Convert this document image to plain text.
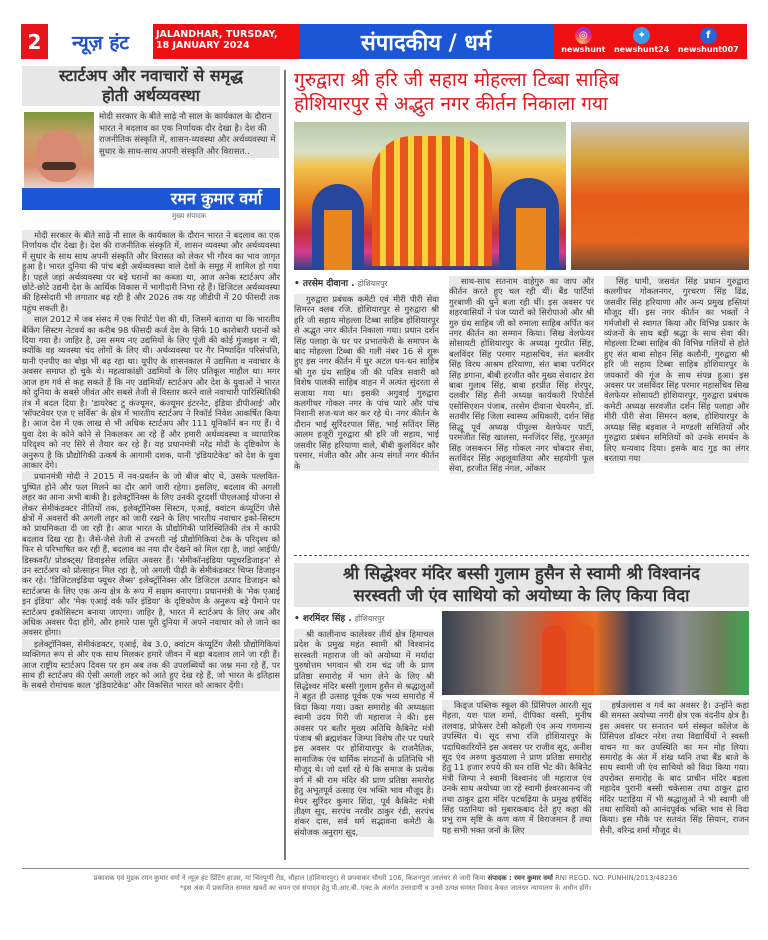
2	न्यूज़ हंट	JALANDHAR, TURSDAY,
18 JANUARY 2024	संपादकीय / धर्म	◎
newshunt
✦
newshunt24
f
newshunt007
स्टार्टअप और नवाचारों से समृद्ध
होती अर्थव्यवस्था
मोदी सरकार के बीते साढ़े नौ साल के कार्यकाल के दौरान भारत ने बदलाव का एक निर्णायक दौर देखा है। देश की राजनीतिक संस्कृति में, शासन-व्यवस्था और अर्थव्यवस्था में सुधार के साथ-साथ अपनी संस्कृति और विरासत..
रमन कुमार वर्मा
मुख्य संपादक

मोदी सरकार के बीते साढ़े नौ साल के कार्यकाल के दौरान भारत ने बदलाव का एक निर्णायक दौर देखा है। देश की राजनीतिक संस्कृति में, शासन व्यवस्था और अर्थव्यवस्था में सुधार के साथ साथ अपनी संस्कृति और विरासत को लेकर भी गौरव का भाव जागृत हुआ है। भारत दुनिया की पांच बड़ी अर्थव्यवस्था वाले देशों के समूह में शामिल हो गया है। पहले जहां अर्थव्यवस्था पर बड़े घरानों का कब्जा था, आज अनेक स्टार्टअप और छोटे-छोटे उद्यमी देश के आर्थिक विकास में भागीदारी निभा रहे हैं। डिजिटल अर्थव्यवस्था की हिस्सेदारी भी लगातार बढ़ रही है और 2026 तक यह जीडीपी में 20 फीसदी तक पहुंच सकती है।

साल 2012 में जब संसद में एक रिपोर्ट पेश की थी, जिसमें बताया था कि भारतीय बैंकिंग सिस्टम नेटवर्थ का करीब 98 फीसदी कर्ज देश के सिर्फ 10 कारोबारी घरानों को दिया गया है। जाहिर है, उस समय नए उद्यमियों के लिए पूंजी की कोई गुंजाइश न थी, क्योंकि वह व्यवस्था चंद लोगों के लिए थी। अर्थव्यवस्था पर गैर निष्पादित परिसंपत्ति, यानी एनपीए का बोझ भी बढ़ रहा था। यूपीए के शासनकाल में उद्यमिता व नवाचार के अवसर समाप्त हो चुके थे। महत्वाकांक्षी उद्यमियों के लिए प्रतिकूल माहौल था। मगर आज हम गर्व से कह सकते हैं कि नए उद्यमियों/ स्टार्टअप और देश के युवाओं ने भारत को दुनिया के सबसे जीवंत और सबसे तेजी से विस्तार करने वाले नवाचारी पारिस्थितिकी तंत्र में बदल दिया है। 'डायरेक्ट टु कंज्यूमर, कंज्यूमर इंटरनेट, इंडिया डीपीआई' और 'सॉफ्टवेयर एज ए सर्विस' के क्षेत्र में भारतीय स्टार्टअप ने रिकॉर्ड निवेश आकर्षित किया है। आज देश में एक लाख से भी अधिक स्टार्टअप और 111 यूनिकॉर्न बन गए हैं। ये युवा देश के कोने कोने से निकलकर आ रहे हैं और हमारी अर्थव्यवस्था व व्यापारिक परिदृश्य को नए सिरे से तैयार कर रहे हैं। यह प्रधानमंत्री नरेंद्र मोदी के दृष्टिकोण के अनुरूप है कि प्रौद्योगिकी उत्कर्ष के आगामी दशक, यानी 'इंडियाटेकेड' को देश के युवा आकार देंगे।

प्रधानमंत्री मोदी ने 2015 में नव-प्रवर्तन के जो बीज बोए थे, उसके पल्लवित-पुष्पित होने और फल मिलने का दौर आगे जारी रहेगा। इसलिए, बदलाव की अगली लहर का आना अभी बाकी है। इलेक्ट्रॉनिक्स के लिए उनकी दूरदर्शी पीएलआई योजना से लेकर सेमीकंडक्टर नीतियों तक, इलेक्ट्रॉनिक्स सिस्टम, एआई, क्वांटम कंप्यूटिंग जैसे क्षेत्रों में अवसरों की अगली लहर को जारी रखने के लिए भारतीय नवाचार इको-सिस्टम को प्राथमिकता दी जा रही है। आज भारत के प्रौद्योगिकी पारिस्थितिकी तंत्र में काफी बदलाव दिख रहा है। जैसे-जैसे तेजी से उभरती नई प्रौद्योगिकियां टेक के परिदृश्य को फिर से परिभाषित कर रही हैं, बदलाव का नया दौर देखने को मिल रहा है, जहां आईपी/ डिस्कवरी/ प्रोडक्ट्स/ डिवाइसेस लक्षित अवसर हैं। 'सेमीकॉनइंडिया फ्यूचरडिजाइन' से उन स्टार्टअप को प्रोत्साहन मिल रहा है, जो अगली पीढ़ी के सेमीकंडक्टर चिप्स डिजाइन कर रहे। 'डिजिटलइंडिया फ्यूचर लैब्स' इलेक्ट्रॉनिक्स और डिजिटल उत्पाद डिजाइन को स्टार्टअप्स के लिए एक अन्य क्षेत्र के रूप में सक्षम बनाएगा। प्रधानमंत्री के 'मेक एआई इन इंडिया' और 'मेक एआई वर्क फॉर इंडिया' के दृष्टिकोण के अनुरूप बड़े पैमाने पर स्टार्टअप इकोसिस्टम बनाया जाएगा। जाहिर है, भारत में स्टार्टअप के लिए अब और अधिक अवसर पैदा होंगे, और हमारे पास पूरी दुनिया में अपने नवाचार को ले जाने का अवसर होगा।

इलेक्ट्रॉनिक्स, सेमीकंडक्टर, एआई, वेब 3.0, क्वांटम कंप्यूटिंग जैसी प्रौद्योगिकियां व्यक्तिगत रूप से और एक साथ मिलकर हमारे जीवन में बड़ा बदलाव लाने जा रही हैं। आज राष्ट्रीय स्टार्टअप दिवस पर हम अब तक की उपलब्धियों का जश्न मना रहे हैं, पर साथ ही स्टार्टअप की ऐसी अगली लहर को आते हुए देख रहे हैं, जो भारत के इतिहास के सबसे रोमांचक काल 'इंडियाटेकेड' और विकसित भारत को आकार देंगी।

गुरुद्वारा श्री हरि जी सहाय मोहल्ला टिब्बा साहिब
होशियारपुर से अद्भुत नगर कीर्तन निकाला गया
• तरसेम दीवाना . होशियारपुर

गुरुद्वारा प्रबंधक कमेटी एवं मीरी पीरी सेवा सिमरन क्लब रजि. होशियारपुर से गुरुद्वारा श्री हरि जी सहाय मोहल्ला टिब्बा साहिब होशियारपुर से अद्भुत नगर कीर्तन निकाला गया। प्रधान दर्शन सिंह पलाहा के घर पर प्रभातफेरी के समापन के बाद मोहल्ला टिब्बा की गली नंबर 16 से शुरू हुए इस नगर कीर्तन में धुर अटल धन-धन साहिब श्री गुरु ग्रंथ साहिब जी की पवित्र सवारी को विशेष पालकी साहिब वाहन में अत्यंत सुंदरता से सजाया गया था। इसकी अगुवाई गुरुद्वारा कलगीधर गोकल नगर के पांच प्यारे और पांच निशानी सज-धज कर कर रहे थे। नगर कीर्तन के दौरान भाई सुरिंदरपाल सिंह, भाई सतिंदर सिंह आलम हजूरी गुरुद्वारा श्री हरि जी सहाय, भाई जसवीर सिंह हरियाणा वाले, बीबी कुलविंदर कौर परमार, मंजीत कौर और अन्य संगतें नगर कीर्तन के

साथ-साथ सतनाम वाहेगुरु का जाप और कीर्तन करते हुए चल रही थीं। बैंड पार्टियां गुरबाणी की धुनें बजा रही थीं। इस अवसर पर शहरवासियों ने पंज प्यारों को सिरोपाओ और श्री गुरु ग्रंथ साहिब जी को रुमाला साहिब अर्पित कर नगर कीर्तन का सम्मान किया। सिख वेलफेयर सोसायटी होशियारपुर के अध्यक्ष गुरप्रीत सिंह, बलविंदर सिंह परमार महासचिव, संत बलवीर सिंह विरध आश्रम हरियाणा, संत बाबा परमिंदर सिंह डगाना, बीबी हरजीत कौर मुख्य सेवादार डेरा बाबा गुलाब सिंह, बाबा हरप्रीत सिंह शेरपुर, दलवीर सिंह सैनी अध्यक्ष कार्यकारी रिपोर्टर्स एसोसिएशन पंजाब, तरसेम दीवाना चेयरमैन, डॉ. सतवीर सिंह जिला स्वास्थ्य अधिकारी, दर्शन सिंह सिद्धू पूर्व अध्यक्ष पीपुल्स वेलफेयर पार्टी, परमजीत सिंह खालसा, मनजिंदर सिंह, गुरअमृत सिंह जसकरन सिंह गोकल नगर चोबदार सेवा, सतविंदर सिंह अहलूवालिया और सहयोगी फूल सेवा, हरजीत सिंह नंगल, ओंकार

सिंह धामी, जसवंत सिंह प्रधान गुरुद्वारा कलगीधर गोकलनगर, गुरचरण सिंह ढिंढ, जसवीर सिंह हरियाणा और अन्य प्रमुख हस्तियां मौजूद थीं। इस नगर कीर्तन का भक्तों ने गर्मजोशी से स्वागत किया और विभिन्न प्रकार के व्यंजनों के साथ बड़ी श्रद्धा के साथ सेवा की। मोहल्ला टिब्बा साहिब की विभिन्न गलियों से होते हुए संत बाबा सोहन सिंह कलौनी, गुरुद्वारा श्री हरि जी सहाय टिब्बा साहिब होशियारपुर के जयकारों की गूंज के साथ संपन्न हुआ। इस अवसर पर जसविंदर सिंह परमार महासचिव सिख वेलफेयर सोसायटी होशियारपुर, गुरुद्वारा प्रबंधक कमेटी अध्यक्ष सरवजीत दर्शन सिंह पलाहा और मीरी पीरी सेवा सिमरन क्लब, होशियारपुर के अध्यक्ष सिंह बड़वाल ने मण्डली समितियों और गुरुद्वारा प्रबंधन समितियों को उनके समर्थन के लिए धन्यवाद दिया। इसके बाद गुड़ का लंगर बरताया गया

श्री सिद्धेश्वर मंदिर बस्सी गुलाम हुसैन से स्वामी श्री विश्वानंद
सरस्वती जी एंव साथियो को अयोध्या के लिए किया विदा
• शरमिंदर सिंह . होशियारपुर

श्री कालीनाथ कालेश्वर तीर्थ क्षेत्र हिमाचल प्रदेश के प्रमुख महंत स्वामी श्री विश्वानंद सरस्वती महाराज जी को अयोध्या में मर्यादा पुरुषोत्तम भगवान श्री राम चंद्र जी के प्राण प्रतिष्ठा समारोह में भाग लेने के लिए श्री सिद्धेश्वर मंदिर बस्सी गुलाम हुसैन से श्रद्धालुओं ने बहुत ही उत्साह पूर्वक एक भव्य समारोह में विदा किया गया। उक्त समारोह की अध्यक्षता स्वामी उदय गिरी जी महाराज ने की। इस अवसर पर बतौर मुख्य अतिथि कैबिनेट मंत्री पंजाब श्री ब्रह्मशंकर जिम्पा विशेष तौर पर पधारे इस अवसर पर होशियारपुर के राजनैतिक, सामाजिक एंव धार्मिक संगठनों के प्रतिनिधि भी मौजूद थे। जो दर्शा रहे थे कि समाज के प्रत्येक वर्ग में श्री राम मंदिर की प्राण प्रतिष्ठा समारोह हेतु अभूतपूर्व उत्साह एंव भक्ति भाव मौजूद है। मेयर सुरिंदर कुमार शिंदा, पूर्व कैबिनेट मंत्री तीक्ष्ण सूद, सरपंच नरवीर ठाकुर रंडी, सरपंच शंकर दास, सर्व धर्म सद्भावना कमेटी के संयोजक अनुराग सूद,

किड्ज पब्लिक स्कूल की प्रिंसिपल आरती सूद मेहता, यश पाल शर्मा, दीपिका वस्सी, मुनीष तलवाड़, प्रोफेसर टेसी कोहली एंव अन्य गणमान्य उपस्थित थे। सूद सभा रजि होशियारपुर के पदाधिकारियोंने इस अवसर पर राजीव सूद, अनीश सूद एंव अरुण कुठयाला ने प्राण प्रतिष्ठा समारोह हेतु 11 हजार रुपये की धन राशि भेंट की। कैबिनेट मंत्री जिम्पा ने स्वामी विश्वानंद जी महाराज एंव उनके साथ अयोध्या जा रहे स्वामी ईश्वरआनन्द जी तथा ठाकुर द्वारा मंदिर पटचढ़िया के प्रमुख हर्षविंद सिंह पठानिया को मुबारकबाद देते हुए कहा की प्रभु राम सृष्टि के कण कण में विराजमान हैं तथा यह सभी भक्त जनों के लिए

हर्षउल्लास व गर्व का अवसर है। उन्होंने कहा की समस्त अयोध्या नगरी क्षेत्र एक वंदनीय क्षेत्र है। इस अवसर पर सनातन धर्म संस्कृत कॉलेज के प्रिंसिपल डॉक्टर नरेश तथा विद्यार्थियों ने स्वस्ती वाचन गा कर उपस्थिति का मन मोह लिया। समारोह के अंत में शंख ध्वनि तथा बैंड बाजे के साथ स्वामी जी एंव साथियो को विदा किया गया। उपरोक्त समारोह के बाद प्राचीन मंदिर बड़ला महादेव पुरानी बस्सी चकेसास तथा ठाकुर द्वारा मंदिर पटाड़िया में भी श्रद्धालुओं ने भी स्वामी जी तथा साथियो को आनंदपूर्वक भक्ति भाव से विदा किया। इस मौके पर सतवंत सिंह सियान, राजन सैनी, वरिन्द्र शर्मा मौजूद थे।

प्रकाशक एवं मुद्रक रमन कुमार वर्मा ने न्यूज़ हंट प्रिंटिंग हाउस, मां चिंतपूर्णी रोड, चौहाल (होशियारपुर) से छपवाकर चौधरी 106, किशनपुरा जालंधर से जारी किया संपादक : रमन कुमार वर्मा RNI REGD. NO. PUNHIN/2013/48236
*इस अंक में प्रकाशित समस्त खबरों का चयन एवं संपादन हेतु पी.आर.बी. एक्ट के अंतर्गत उत्तरदायी व उनसे उत्पन्न समस्त विवाद केवल जालंधर न्यायालय के अधीन होंगे।
